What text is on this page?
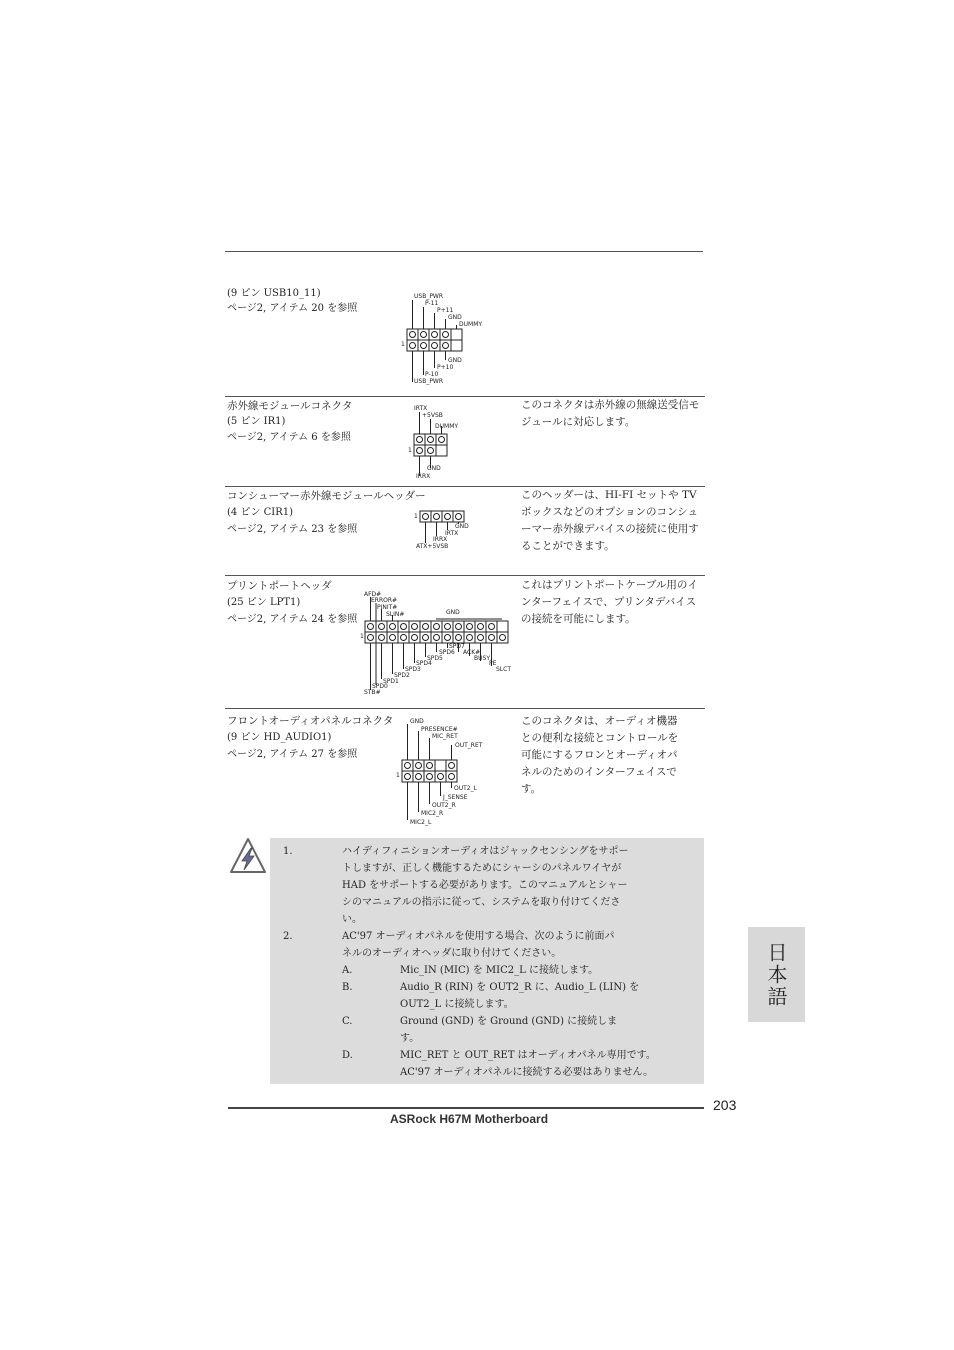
(9 ピン USB10_11)
ページ2, アイテム 20 を参照
1
USB_PWR
P-11
P+11
GND
DUMMY
GND
P+10
P-10
USB_PWR
赤外線モジュールコネクタ
(5 ピン IR1)
ページ2, アイテム 6 を参照
このコネクタは赤外線の無線送受信モジュールに対応します。
1
IRTX
+5VSB
DUMMY
GND
IRRX
コンシューマー赤外線モジュールヘッダー
(4 ピン CIR1)
ページ2, アイテム 23 を参照
このヘッダーは、HI-FI セットや TV ボックスなどのオプションのコンシューマー赤外線デバイスの接続に使用することができます。
1
GND
IRTX
IRRX
ATX+5VSB
プリントポートヘッダ
(25 ピン LPT1)
ページ2, アイテム 24 を参照
これはプリントポートケーブル用のインターフェイスで、プリンタデバイスの接続を可能にします。
1
AFD#
ERROR#
PINIT#
SLIN#	GND
SPD7
SPD6 ACK#
SPD5	BUSY
SPD4	PE
SPD3	SLCT
SPD2
SPD1
SPD0
STB#
フロントオーディオパネルコネクタ
(9 ピン HD_AUDIO1)
ページ2, アイテム 27 を参照
このコネクタは、オーディオ機器との便利な接続とコントロールを可能にするフロンとオーディオパネルのためのインターフェイスです。
1
GND
PRESENCE#
MIC_RET
OUT_RET
OUT2_L
J_SENSE
OUT2_R
MIC2_R
MIC2_L
1.	ハイディフィニションオーディオはジャックセンシングをサポー
トしますが、正しく機能するためにシャーシのパネルワイヤが
HAD をサポートする必要があります。このマニュアルとシャー
シのマニュアルの指示に従って、システムを取り付けてくださ
い。
2.	AC'97 オーディオパネルを使用する場合、次のように前面パ
ネルのオーディオヘッダに取り付けてください。
A.	Mic_IN (MIC) を MIC2_L に接続します。
B.	Audio_R (RIN) を OUT2_R に、Audio_L (LIN) を
OUT2_L に接続します。
C.	Ground (GND) を Ground (GND) に接続しま
す。
D.	MIC_RET と OUT_RET はオーディオパネル専用です。
AC'97 オーディオパネルに接続する必要はありません。
日本語
203
ASRock H67M Motherboard
